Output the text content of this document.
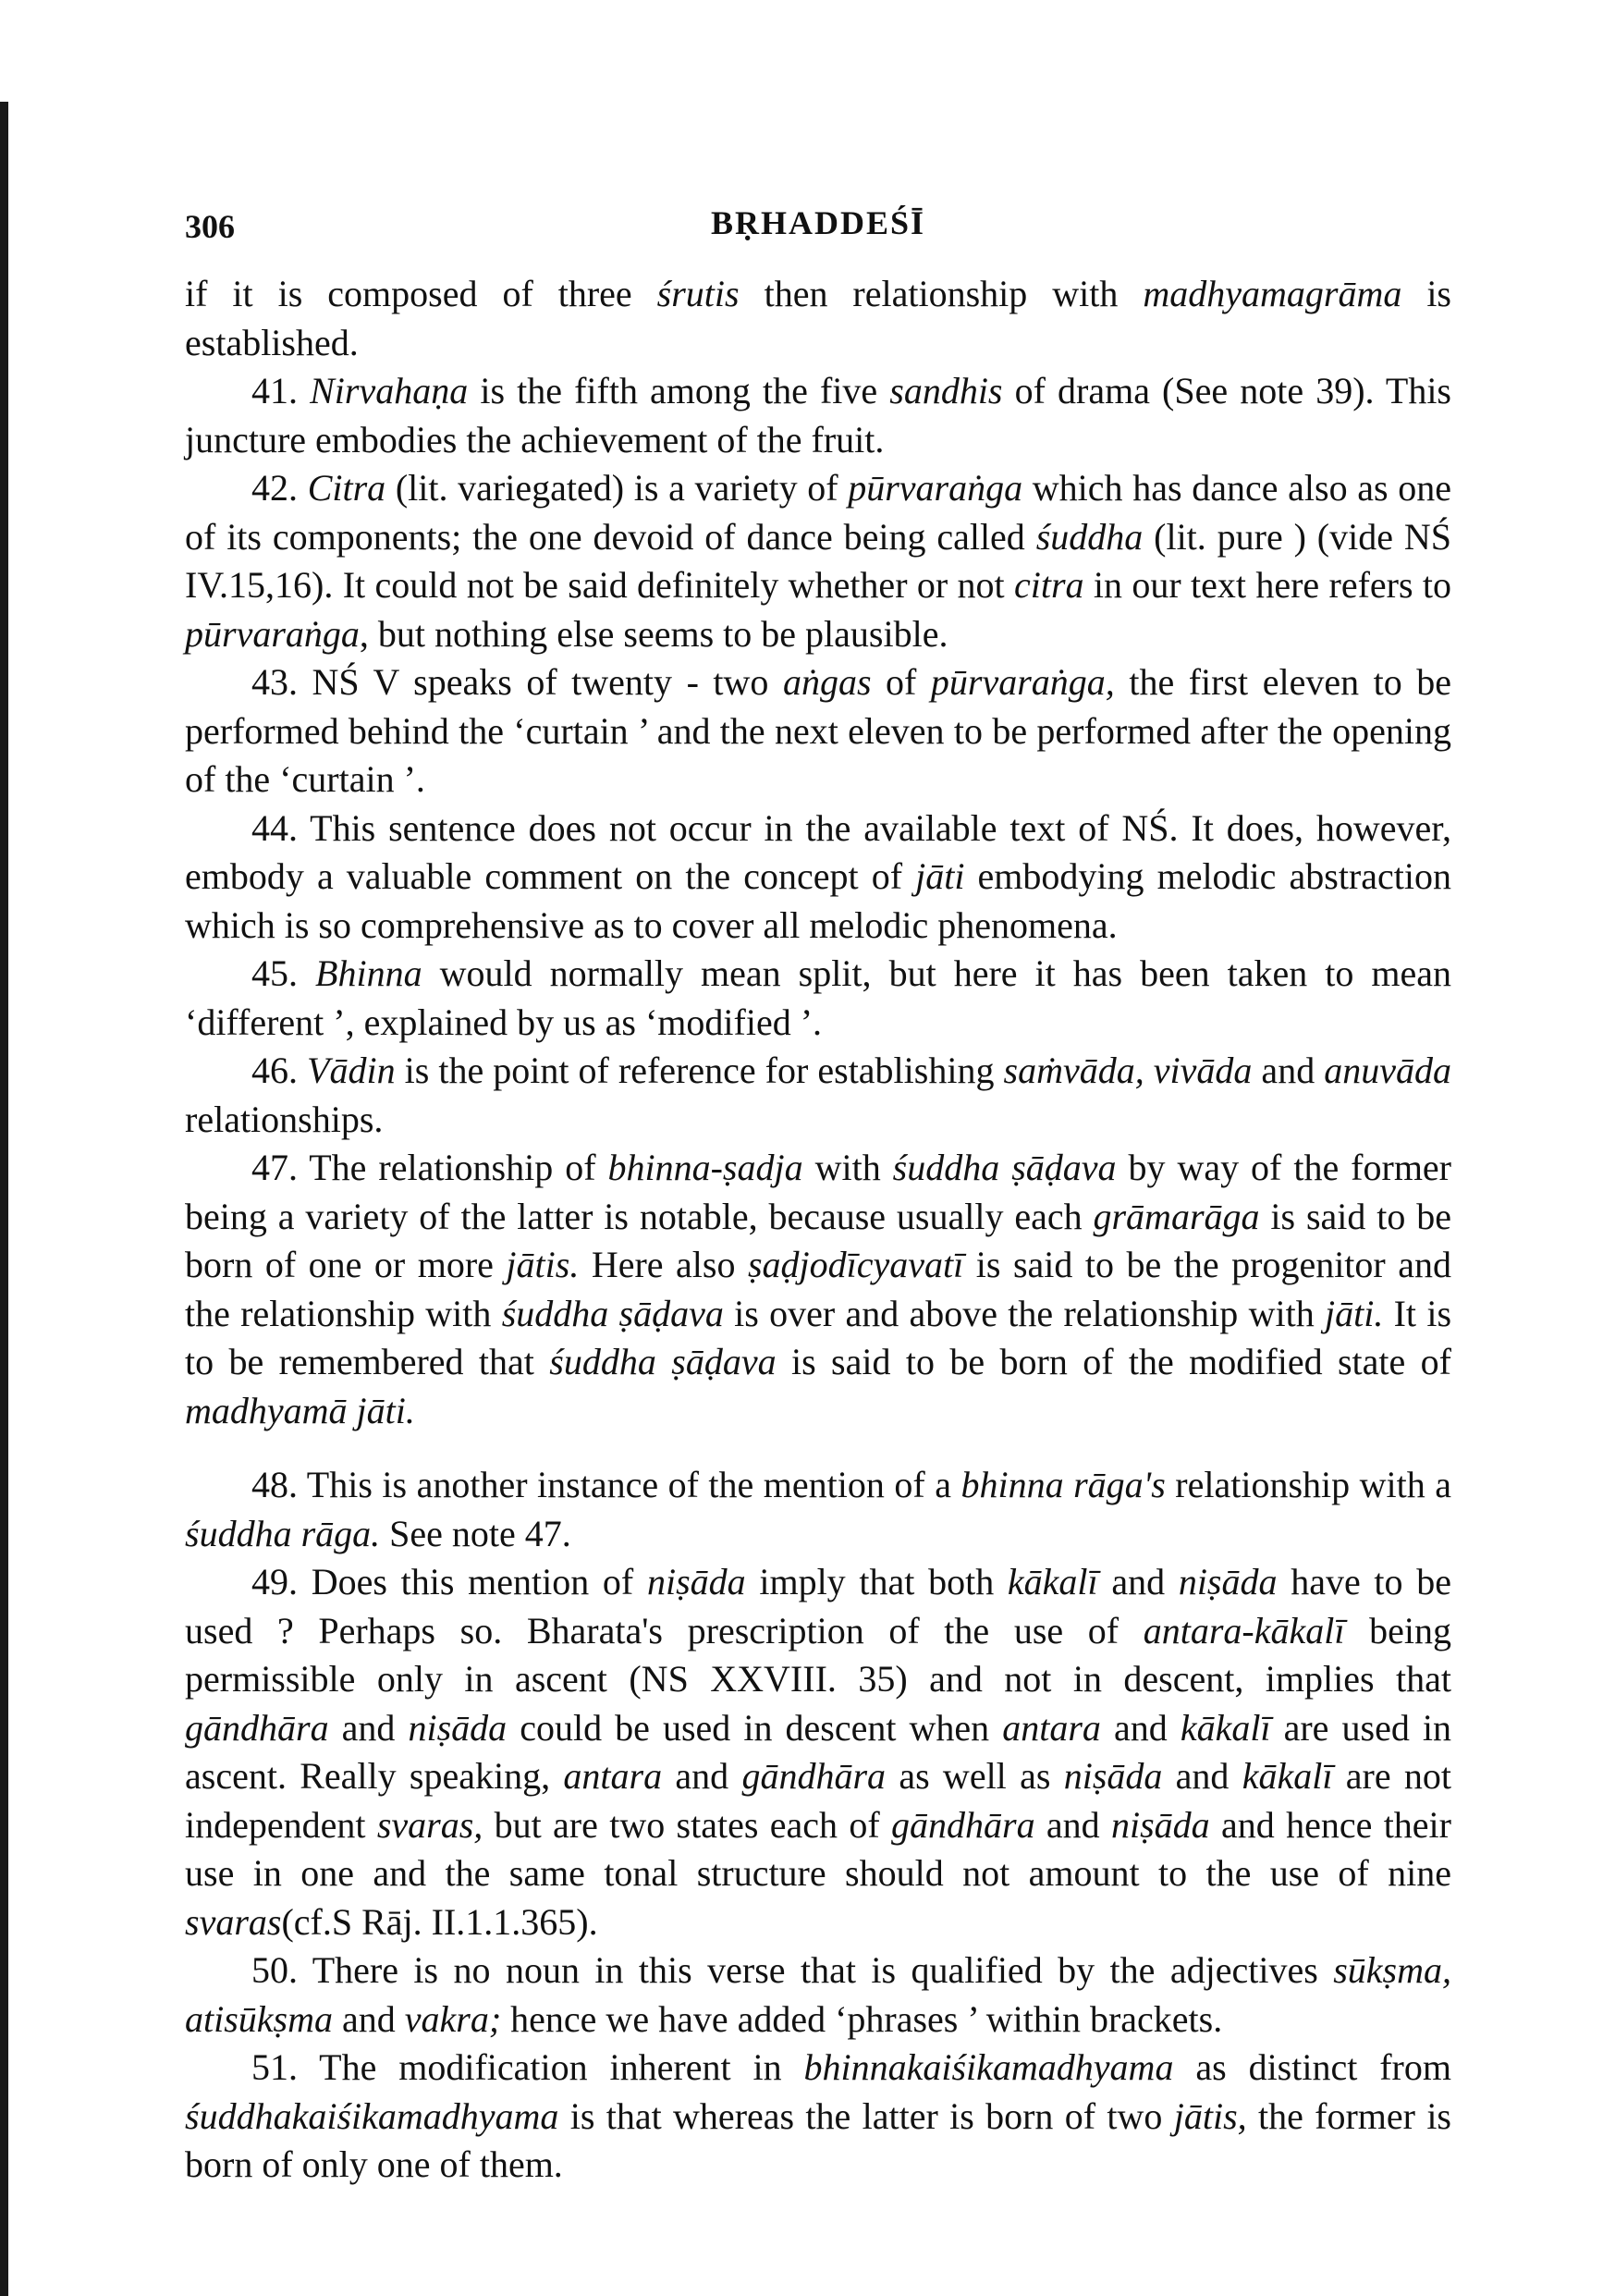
306	BṚHADDEŚĪ

if it is composed of three śrutis then relationship with madhyamagrāma is established.

41. Nirvahaṇa is the fifth among the five sandhis of drama (See note 39). This juncture embodies the achievement of the fruit.

42. Citra (lit. variegated) is a variety of pūrvaraṅga which has dance also as one of its components; the one devoid of dance being called śuddha (lit. pure ) (vide NŚ IV.15,16). It could not be said definitely whether or not citra in our text here refers to pūrvaraṅga, but nothing else seems to be plausible.

43. NŚ V speaks of twenty - two aṅgas of pūrvaraṅga, the first eleven to be performed behind the ‘curtain ’ and the next eleven to be performed after the opening of the ‘curtain ’.

44. This sentence does not occur in the available text of NŚ. It does, however, embody a valuable comment on the concept of jāti embodying melodic abstraction which is so comprehensive as to cover all melodic phenomena.

45. Bhinna would normally mean split, but here it has been taken to mean ‘different ’, explained by us as ‘modified ’.

46. Vādin is the point of reference for establishing saṁvāda, vivāda and anuvāda relationships.

47. The relationship of bhinna-ṣadja with śuddha ṣāḍava by way of the former being a variety of the latter is notable, because usually each grāmarāga is said to be born of one or more jātis. Here also ṣaḍjodīcyavatī is said to be the progenitor and the relationship with śuddha ṣāḍava is over and above the relationship with jāti. It is to be remembered that śuddha ṣāḍava is said to be born of the modified state of madhyamā jāti.

48. This is another instance of the mention of a bhinna rāga's relationship with a śuddha rāga. See note 47.

49. Does this mention of niṣāda imply that both kākalī and niṣāda have to be used ? Perhaps so. Bharata's prescription of the use of antara-kākalī being permissible only in ascent (NS XXVIII. 35) and not in descent, implies that gāndhāra and niṣāda could be used in descent when antara and kākalī are used in ascent. Really speaking, antara and gāndhāra as well as niṣāda and kākalī are not independent svaras, but are two states each of gāndhāra and niṣāda and hence their use in one and the same tonal structure should not amount to the use of nine svaras(cf.S Rāj. II.1.1.365).

50. There is no noun in this verse that is qualified by the adjectives sūkṣma, atisūkṣma and vakra; hence we have added ‘phrases ’ within brackets.

51. The modification inherent in bhinnakaiśikamadhyama as distinct from śuddhakaiśikamadhyama is that whereas the latter is born of two jātis, the former is born of only one of them.
